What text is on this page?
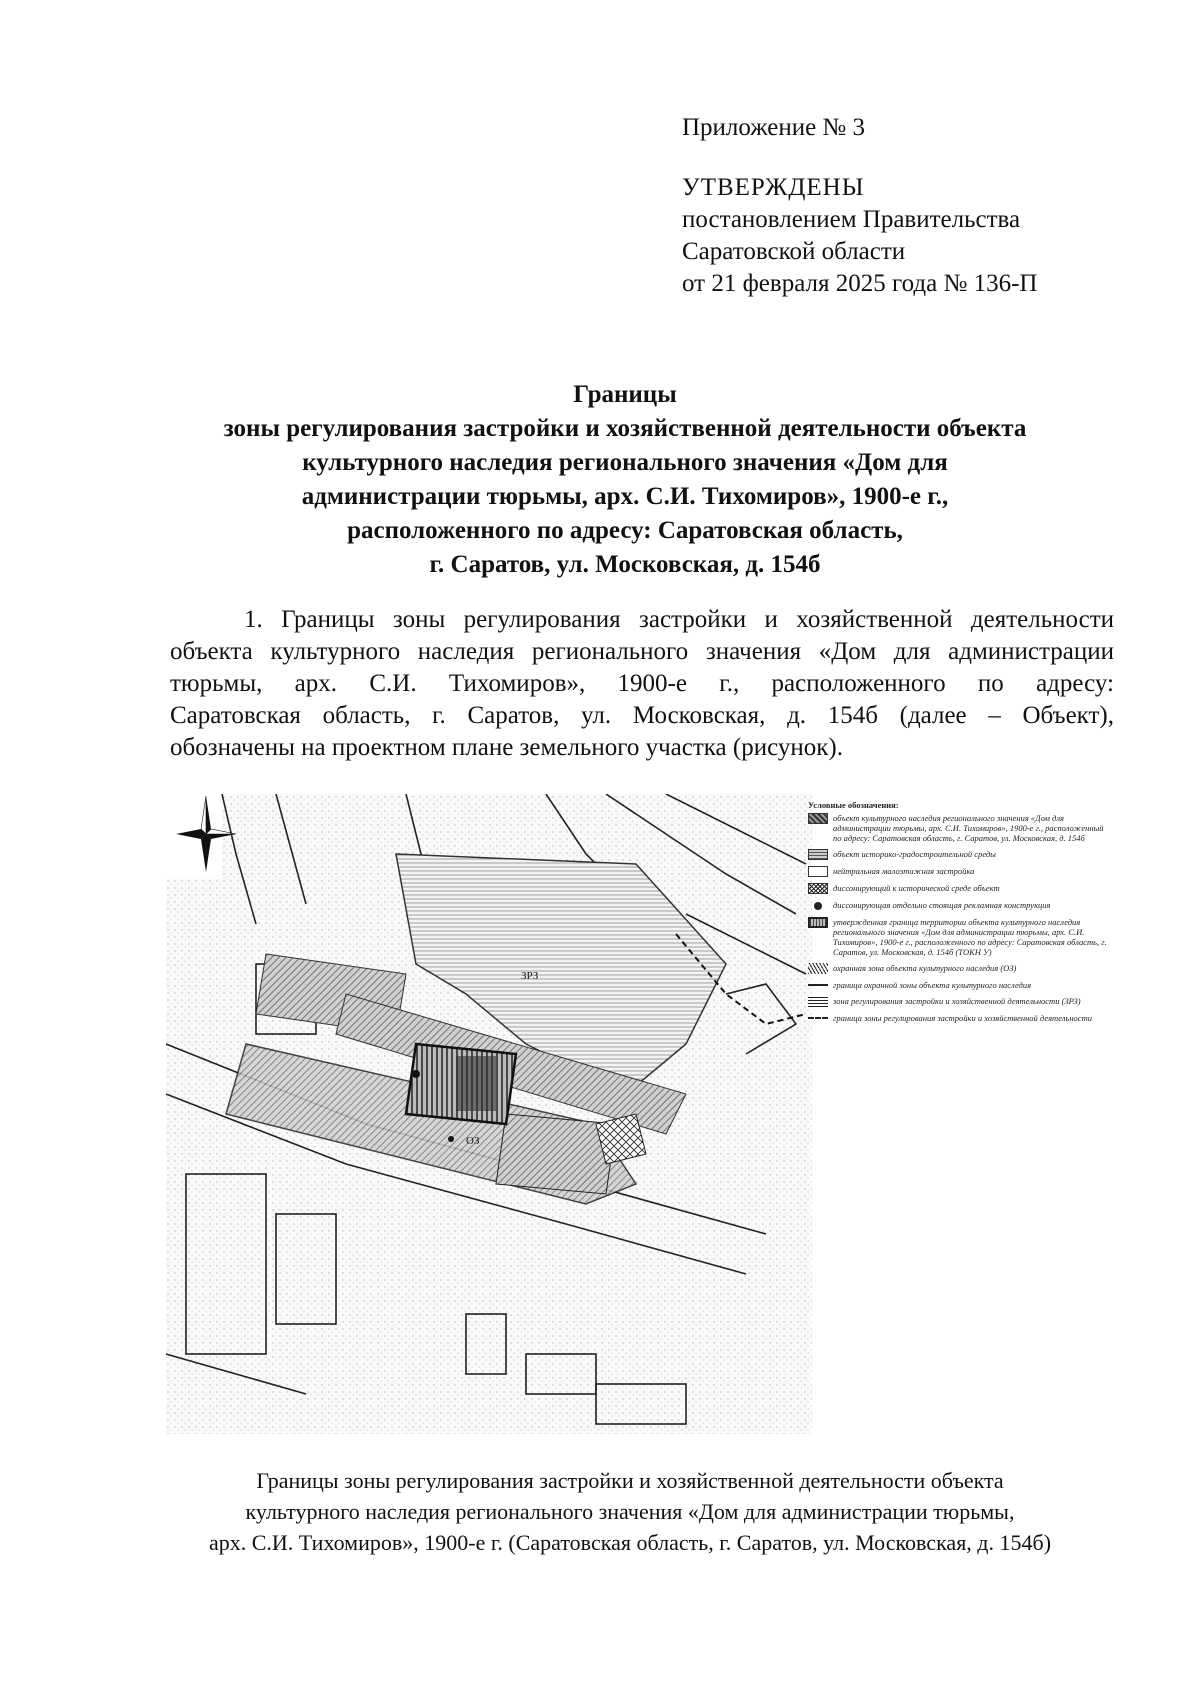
Приложение № 3
УТВЕРЖДЕНЫ
постановлением Правительства
Саратовской области
от 21 февраля 2025 года № 136-П
Границы
зоны регулирования застройки и хозяйственной деятельности объекта
культурного наследия регионального значения «Дом для
администрации тюрьмы, арх. С.И. Тихомиров», 1900-е г.,
расположенного по адресу: Саратовская область,
г. Саратов, ул. Московская, д. 154б
1. Границы зоны регулирования застройки и хозяйственной деятельности
объекта культурного наследия регионального значения «Дом для администрации
тюрьмы, арх. С.И. Тихомиров», 1900-е г., расположенного по адресу:
Саратовская область, г. Саратов, ул. Московская, д. 154б (далее – Объект),
обозначены на проектном плане земельного участка (рисунок).
ЗРЗ
ОЗ
Условные обозначения:
объект культурного наследия регионального значения «Дом для администрации тюрьмы, арх. С.И. Тихомиров», 1900-е г., расположенный по адресу: Саратовская область, г. Саратов, ул. Московская, д. 154б
объект историко-градостроительной среды
нейтральная малоэтажная застройка
диссонирующий к исторической среде объект
диссонирующая отдельно стоящая рекламная конструкция
утвержденная граница территории объекта культурного наследия регионального значения «Дом для администрации тюрьмы, арх. С.И. Тихомиров», 1900-е г., расположенного по адресу: Саратовская область, г. Саратов, ул. Московская, д. 154б (ТОКН У)
охранная зона объекта культурного наследия (ОЗ)
граница охранной зоны объекта культурного наследия
зона регулирования застройки и хозяйственной деятельности (ЗРЗ)
граница зоны регулирования застройки и хозяйственной деятельности
Границы зоны регулирования застройки и хозяйственной деятельности объекта
культурного наследия регионального значения «Дом для администрации тюрьмы,
арх. С.И. Тихомиров», 1900-е г. (Саратовская область, г. Саратов, ул. Московская, д. 154б)
